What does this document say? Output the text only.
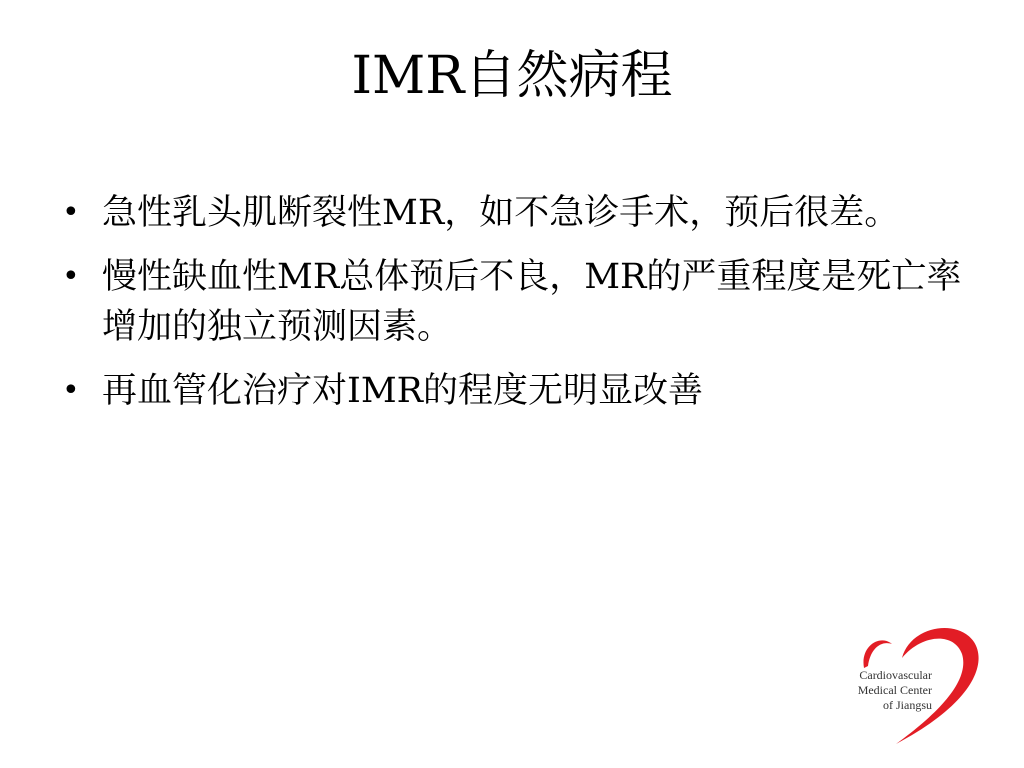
IMR自然病程
• 急性乳头肌断裂性MR，如不急诊手术，预后很差。
• 慢性缺血性MR总体预后不良，MR的严重程度是死亡率增加的独立预测因素。
• 再血管化治疗对IMR的程度无明显改善
Cardiovascular
Medical Center
of Jiangsu
